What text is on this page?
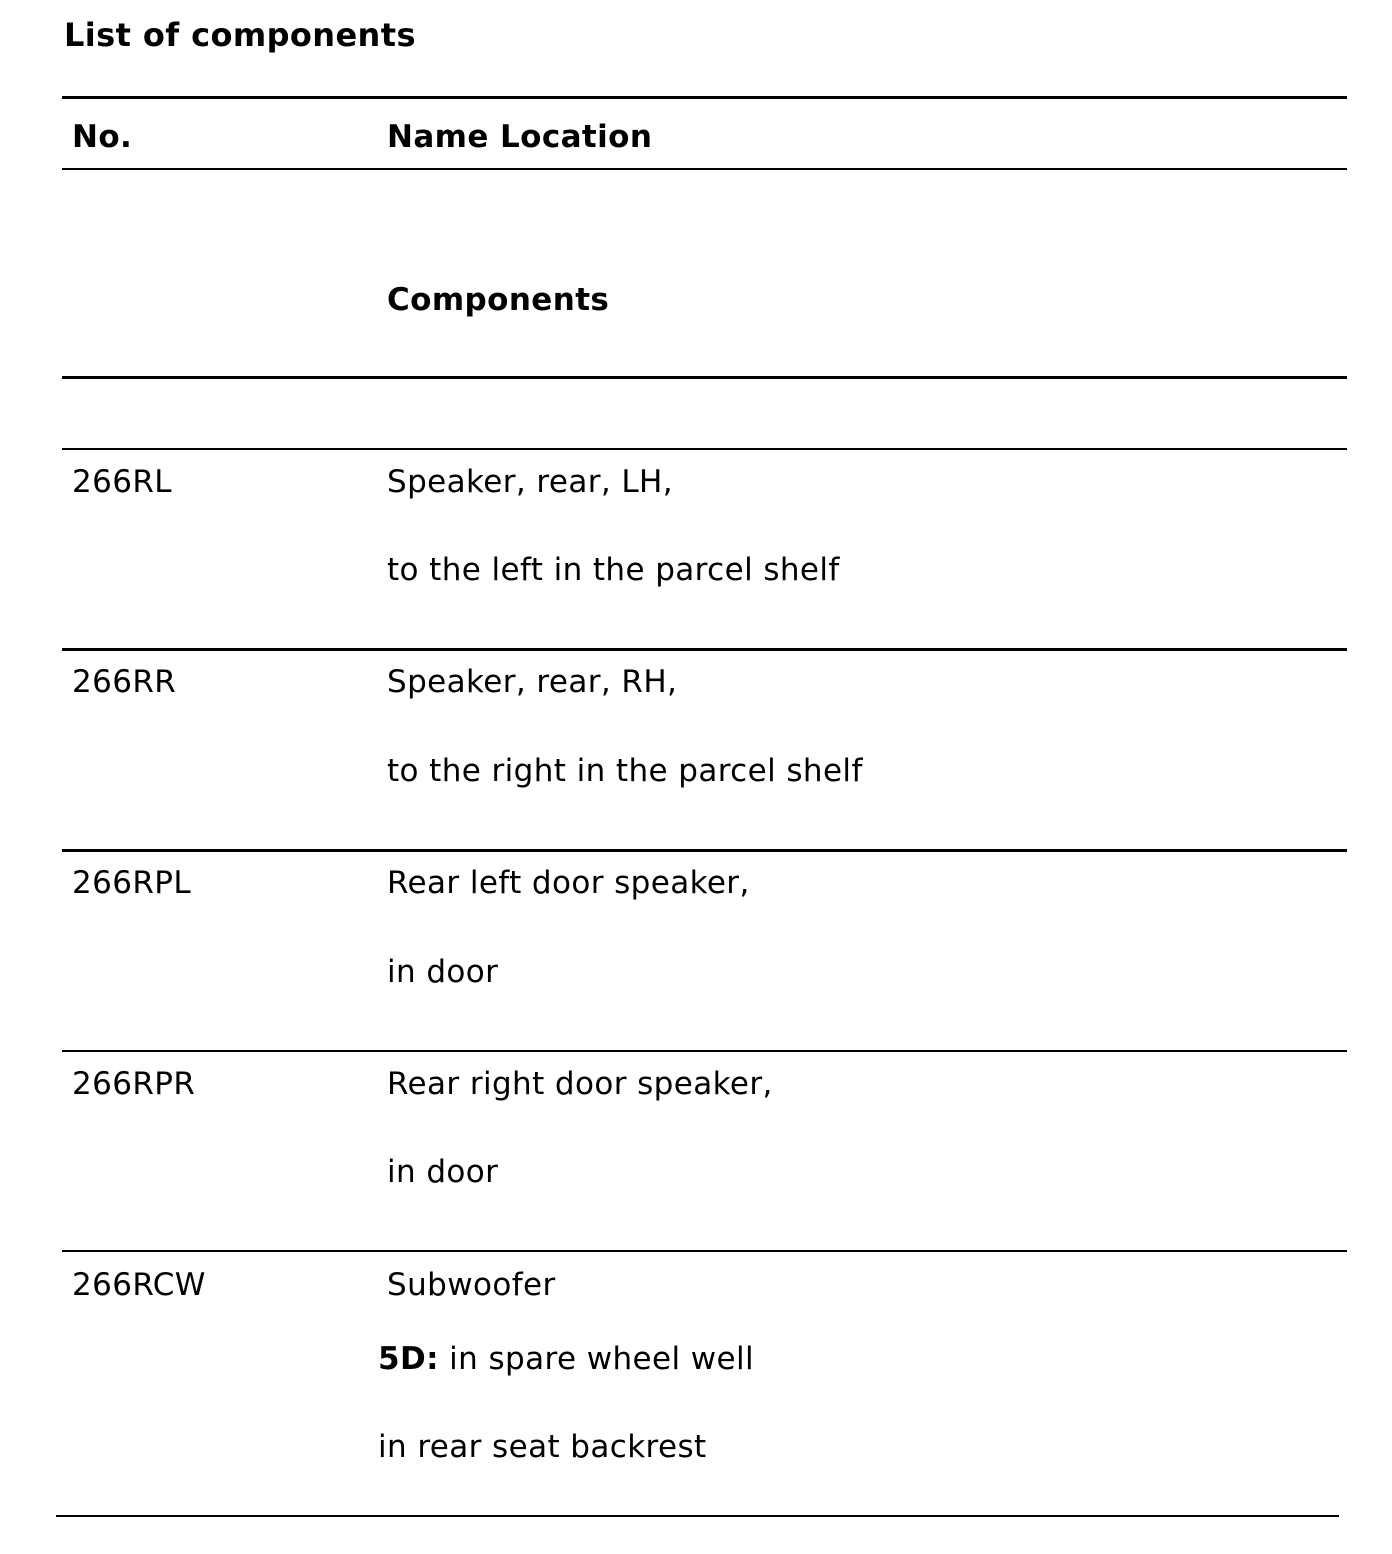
List of components
No.	Name Location
Components
266RL	Speaker, rear, LH,
to the left in the parcel shelf
266RR	Speaker, rear, RH,
to the right in the parcel shelf
266RPL	Rear left door speaker,
in door
266RPR	Rear right door speaker,
in door
266RCW	Subwoofer
5D: in spare wheel well
in rear seat backrest
